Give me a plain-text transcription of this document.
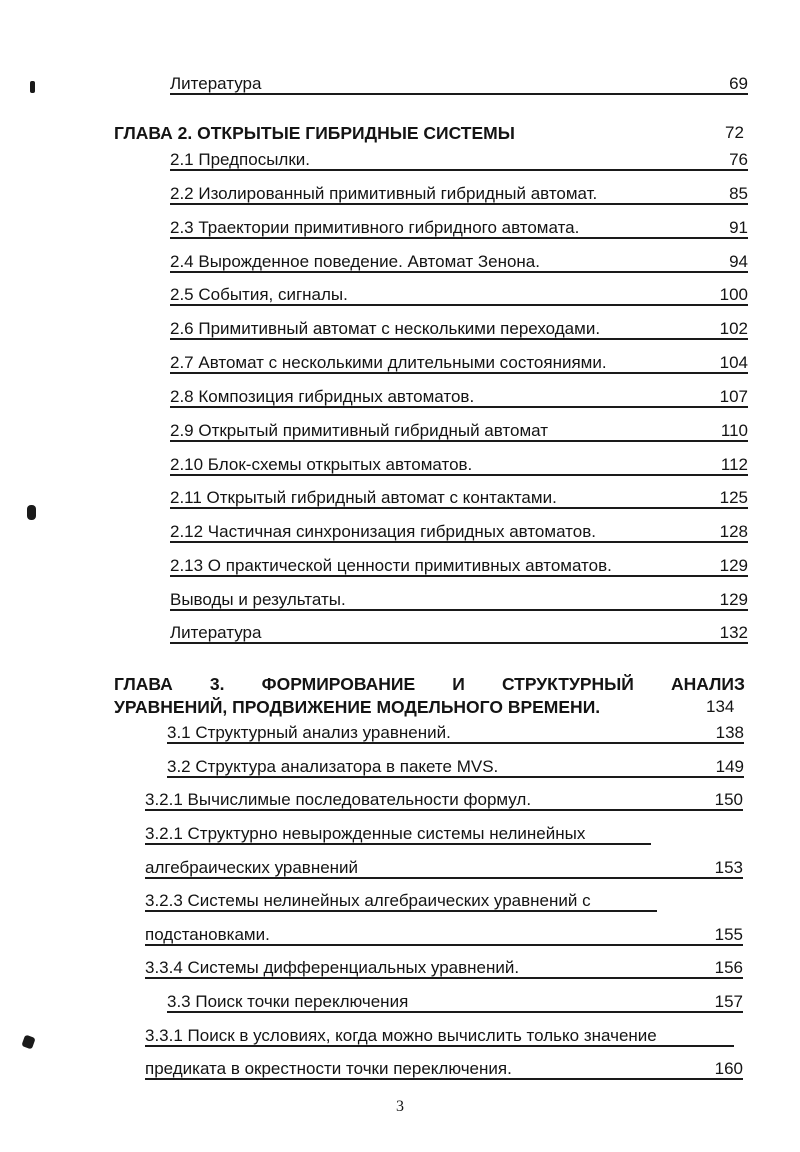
Литература	69
ГЛАВА 2. ОТКРЫТЫЕ ГИБРИДНЫЕ СИСТЕМЫ	72
2.1 Предпосылки.	76
2.2 Изолированный примитивный гибридный автомат.	85
2.3 Траектории примитивного гибридного автомата.	91
2.4 Вырожденное поведение. Автомат Зенона.	94
2.5 События, сигналы.	100
2.6 Примитивный автомат с несколькими переходами.	102
2.7 Автомат с несколькими длительными состояниями.	104
2.8 Композиция гибридных автоматов.	107
2.9 Открытый примитивный гибридный автомат	110
2.10 Блок-схемы открытых автоматов.	112
2.11 Открытый гибридный автомат с контактами.	125
2.12 Частичная синхронизация гибридных автоматов.	128
2.13 О практической ценности примитивных автоматов.	129
Выводы и результаты.	129
Литература	132
ГЛАВА 3. ФОРМИРОВАНИЕ И СТРУКТУРНЫЙ АНАЛИЗ
УРАВНЕНИЙ, ПРОДВИЖЕНИЕ МОДЕЛЬНОГО ВРЕМЕНИ.	134
3.1 Структурный анализ уравнений.	138
3.2 Структура анализатора в пакете MVS.	149
3.2.1 Вычислимые последовательности формул.	150
3.2.1 Структурно невырожденные системы нелинейных
алгебраических уравнений	153
3.2.3 Системы нелинейных алгебраических уравнений с
подстановками.	155
3.3.4 Системы дифференциальных уравнений.	156
3.3 Поиск точки переключения	157
3.3.1 Поиск в условиях, когда можно вычислить только значение
предиката в окрестности точки переключения.	160
3
